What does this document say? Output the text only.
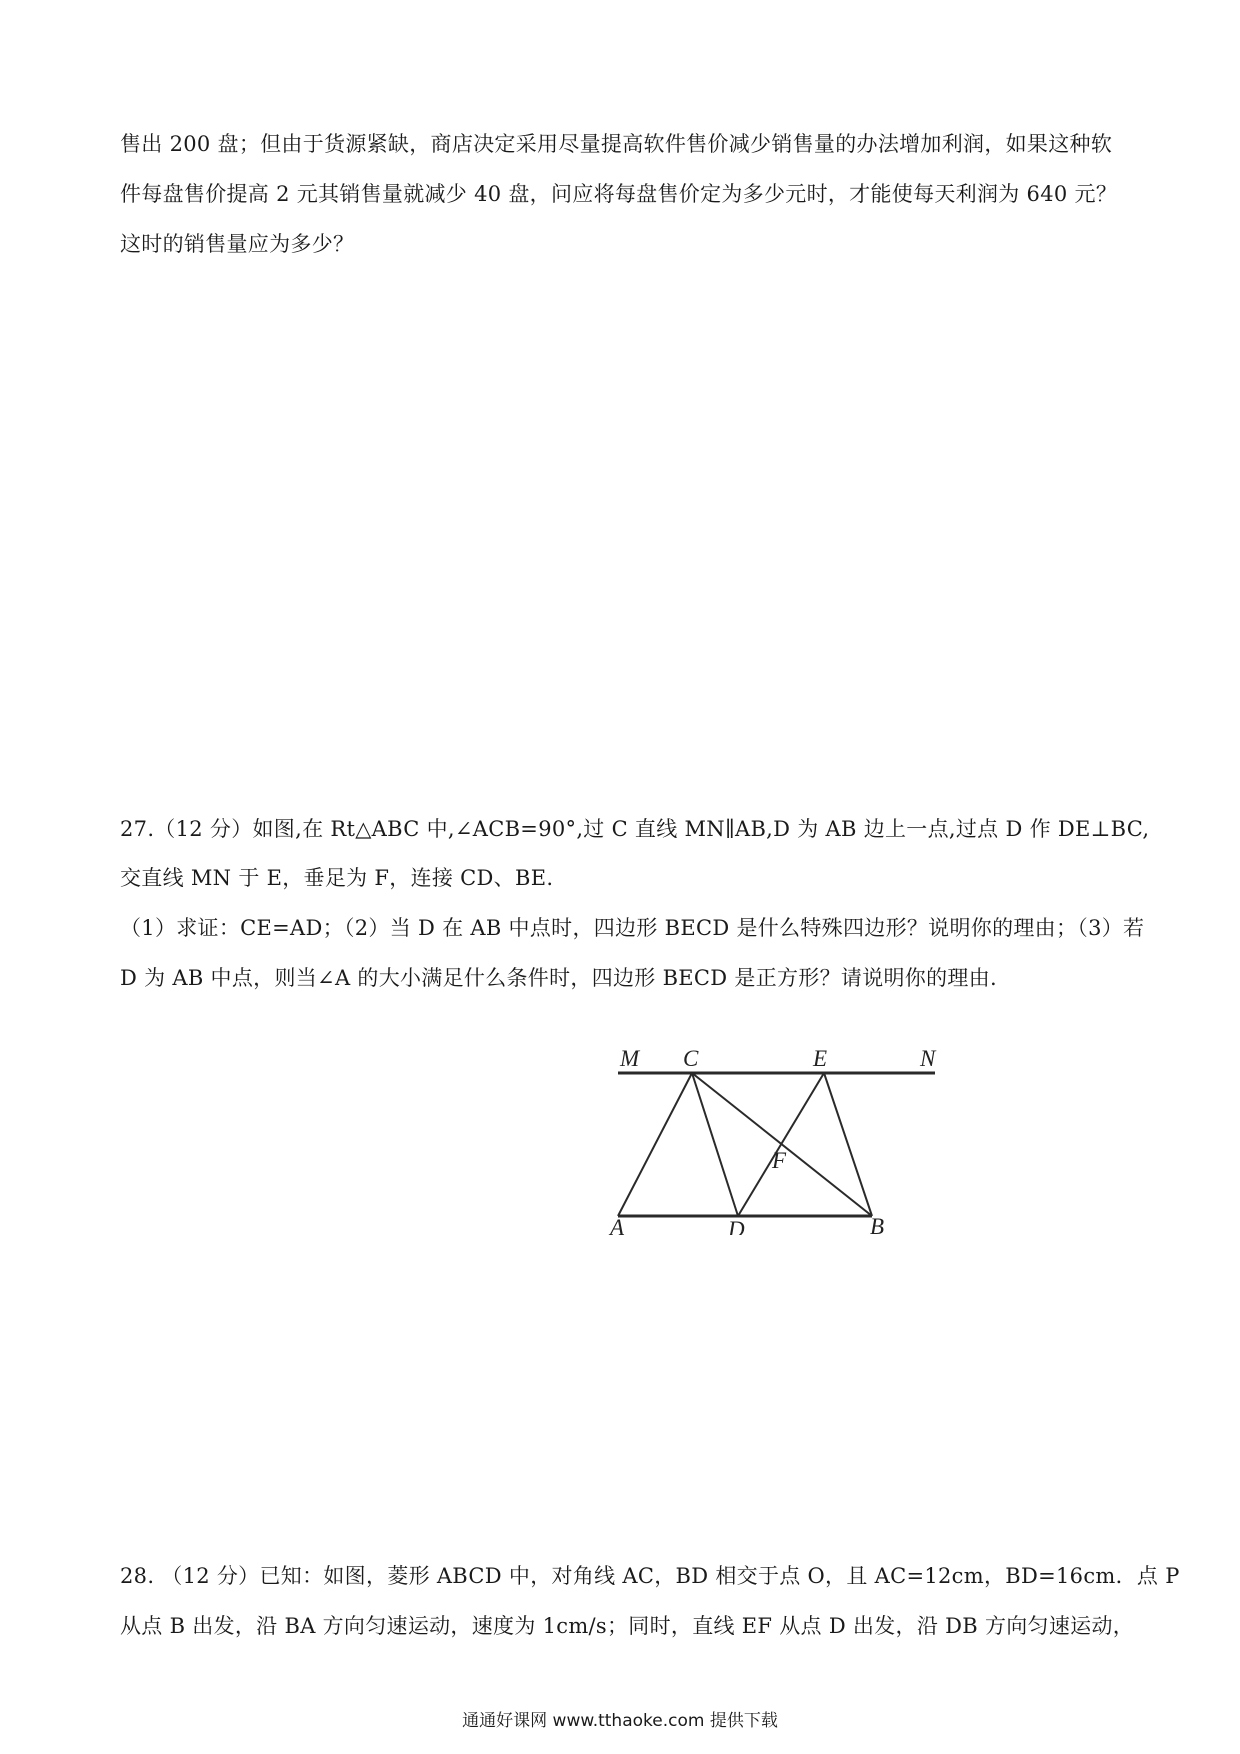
售出 200 盘；但由于货源紧缺，商店决定采用尽量提高软件售价减少销售量的办法增加利润，如果这种软
件每盘售价提高 2 元其销售量就减少 40 盘，问应将每盘售价定为多少元时，才能使每天利润为 640 元？
这时的销售量应为多少？
27.（12 分）如图,在 Rt△ABC 中,∠ACB=90°,过 C 直线 MN∥AB,D 为 AB 边上一点,过点 D 作 DE⊥BC,
交直线 MN 于 E，垂足为 F，连接 CD、BE.
（1）求证：CE=AD；（2）当 D 在 AB 中点时，四边形 BECD 是什么特殊四边形？说明你的理由；（3）若
D 为 AB 中点，则当∠A 的大小满足什么条件时，四边形 BECD 是正方形？请说明你的理由.
M C	E	N
F
A	D	B
28. （12 分）已知：如图，菱形 ABCD 中，对角线 AC，BD 相交于点 O，且 AC=12cm，BD=16cm．点 P
从点 B 出发，沿 BA 方向匀速运动，速度为 1cm/s；同时，直线 EF 从点 D 出发，沿 DB 方向匀速运动，
通通好课网 www.tthaoke.com 提供下载
